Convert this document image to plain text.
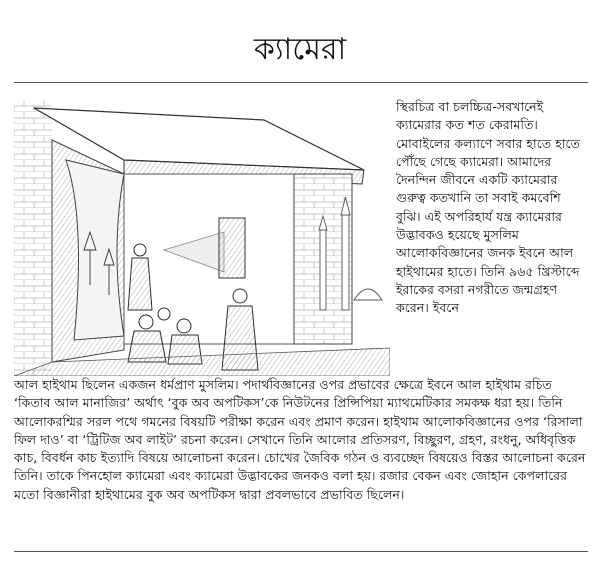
ক্যামেরা

স্থিরচিত্র বা চলচ্চিত্র-সবখানেই ক্যামেরার কত শত কেরামতি। মোবাইলের কল্যাণে সবার হাতে হাতে পৌঁছে গেছে ক্যামেরা। আমাদের দৈনন্দিন জীবনে একটি ক্যামেরার গুরুত্ব কতখানি তা সবাই কমবেশি বুঝি। এই অপরিহার্য যন্ত্র ক্যামেরার উদ্ভাবকও হয়েছে মুসলিম আলোকবিজ্ঞানের জনক ইবনে আল হাইথামের হাতে। তিনি ৯৬৫ খ্রিস্টাব্দে ইরাকের বসরা নগরীতে জন্মগ্রহণ করেন। ইবনে

আল হাইথাম ছিলেন একজন ধর্মপ্রাণ মুসলিম। পদার্থবিজ্ঞানের ওপর প্রভাবের ক্ষেত্রে ইবনে আল হাইথাম রচিত ‘কিতাব আল মানাজির’ অর্থাৎ ‘বুক অব অপটিকস’কে নিউটনের প্রিন্সিপিয়া ম্যাথমেটিকার সমকক্ষ ধরা হয়। তিনি আলোকরশ্মির সরল পথে গমনের বিষয়টি পরীক্ষা করেন এবং প্রমাণ করেন। হাইথাম আলোকবিজ্ঞানের ওপর ‘রিসালা ফিল দাও’ বা ‘ট্রিটিজ অব লাইট’ রচনা করেন। সেখানে তিনি আলোর প্রতিসরণ, বিচ্ছুরণ, গ্রহণ, রংধনু, অধিবৃত্তিক কাচ, বিবর্ধন কাচ ইত্যাদি বিষয়ে আলোচনা করেন। চোখের জৈবিক গঠন ও ব্যবচ্ছেদ বিষয়েও বিস্তর আলোচনা করেন তিনি। তাকে পিনহোল ক্যামেরা এবং ক্যামেরা উদ্ভাবকের জনকও বলা হয়। রজার বেকন এবং জোহান কেপলারের মতো বিজ্ঞানীরা হাইথামের বুক অব অপটিকস দ্বারা প্রবলভাবে প্রভাবিত ছিলেন।
